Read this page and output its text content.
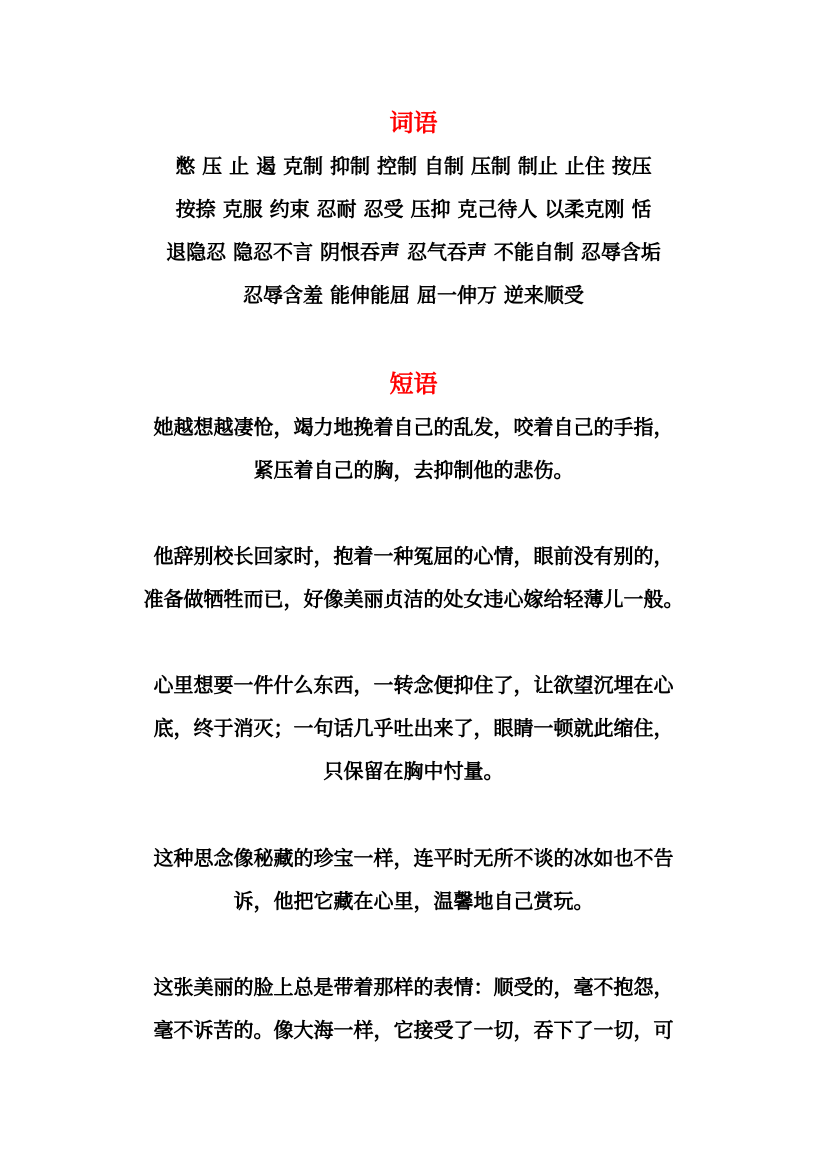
词语
憋 压 止 遏 克制 抑制 控制 自制 压制 制止 止住 按压
按捺 克服 约束 忍耐 忍受 压抑 克己待人 以柔克刚 恬
退隐忍 隐忍不言 阴恨吞声 忍气吞声 不能自制 忍辱含垢
忍辱含羞 能伸能屈 屈一伸万 逆来顺受
短语
她越想越凄怆，竭力地挽着自己的乱发，咬着自己的手指，
紧压着自己的胸，去抑制他的悲伤。
他辞别校长回家时，抱着一种冤屈的心情，眼前没有别的，
准备做牺牲而已，好像美丽贞洁的处女违心嫁给轻薄儿一般。
心里想要一件什么东西，一转念便抑住了，让欲望沉埋在心
底，终于消灭；一句话几乎吐出来了，眼睛一顿就此缩住，
只保留在胸中忖量。
这种思念像秘藏的珍宝一样，连平时无所不谈的冰如也不告
诉，他把它藏在心里，温馨地自己赏玩。
这张美丽的脸上总是带着那样的表情：顺受的，毫不抱怨，
毫不诉苦的。像大海一样，它接受了一切，吞下了一切，可
